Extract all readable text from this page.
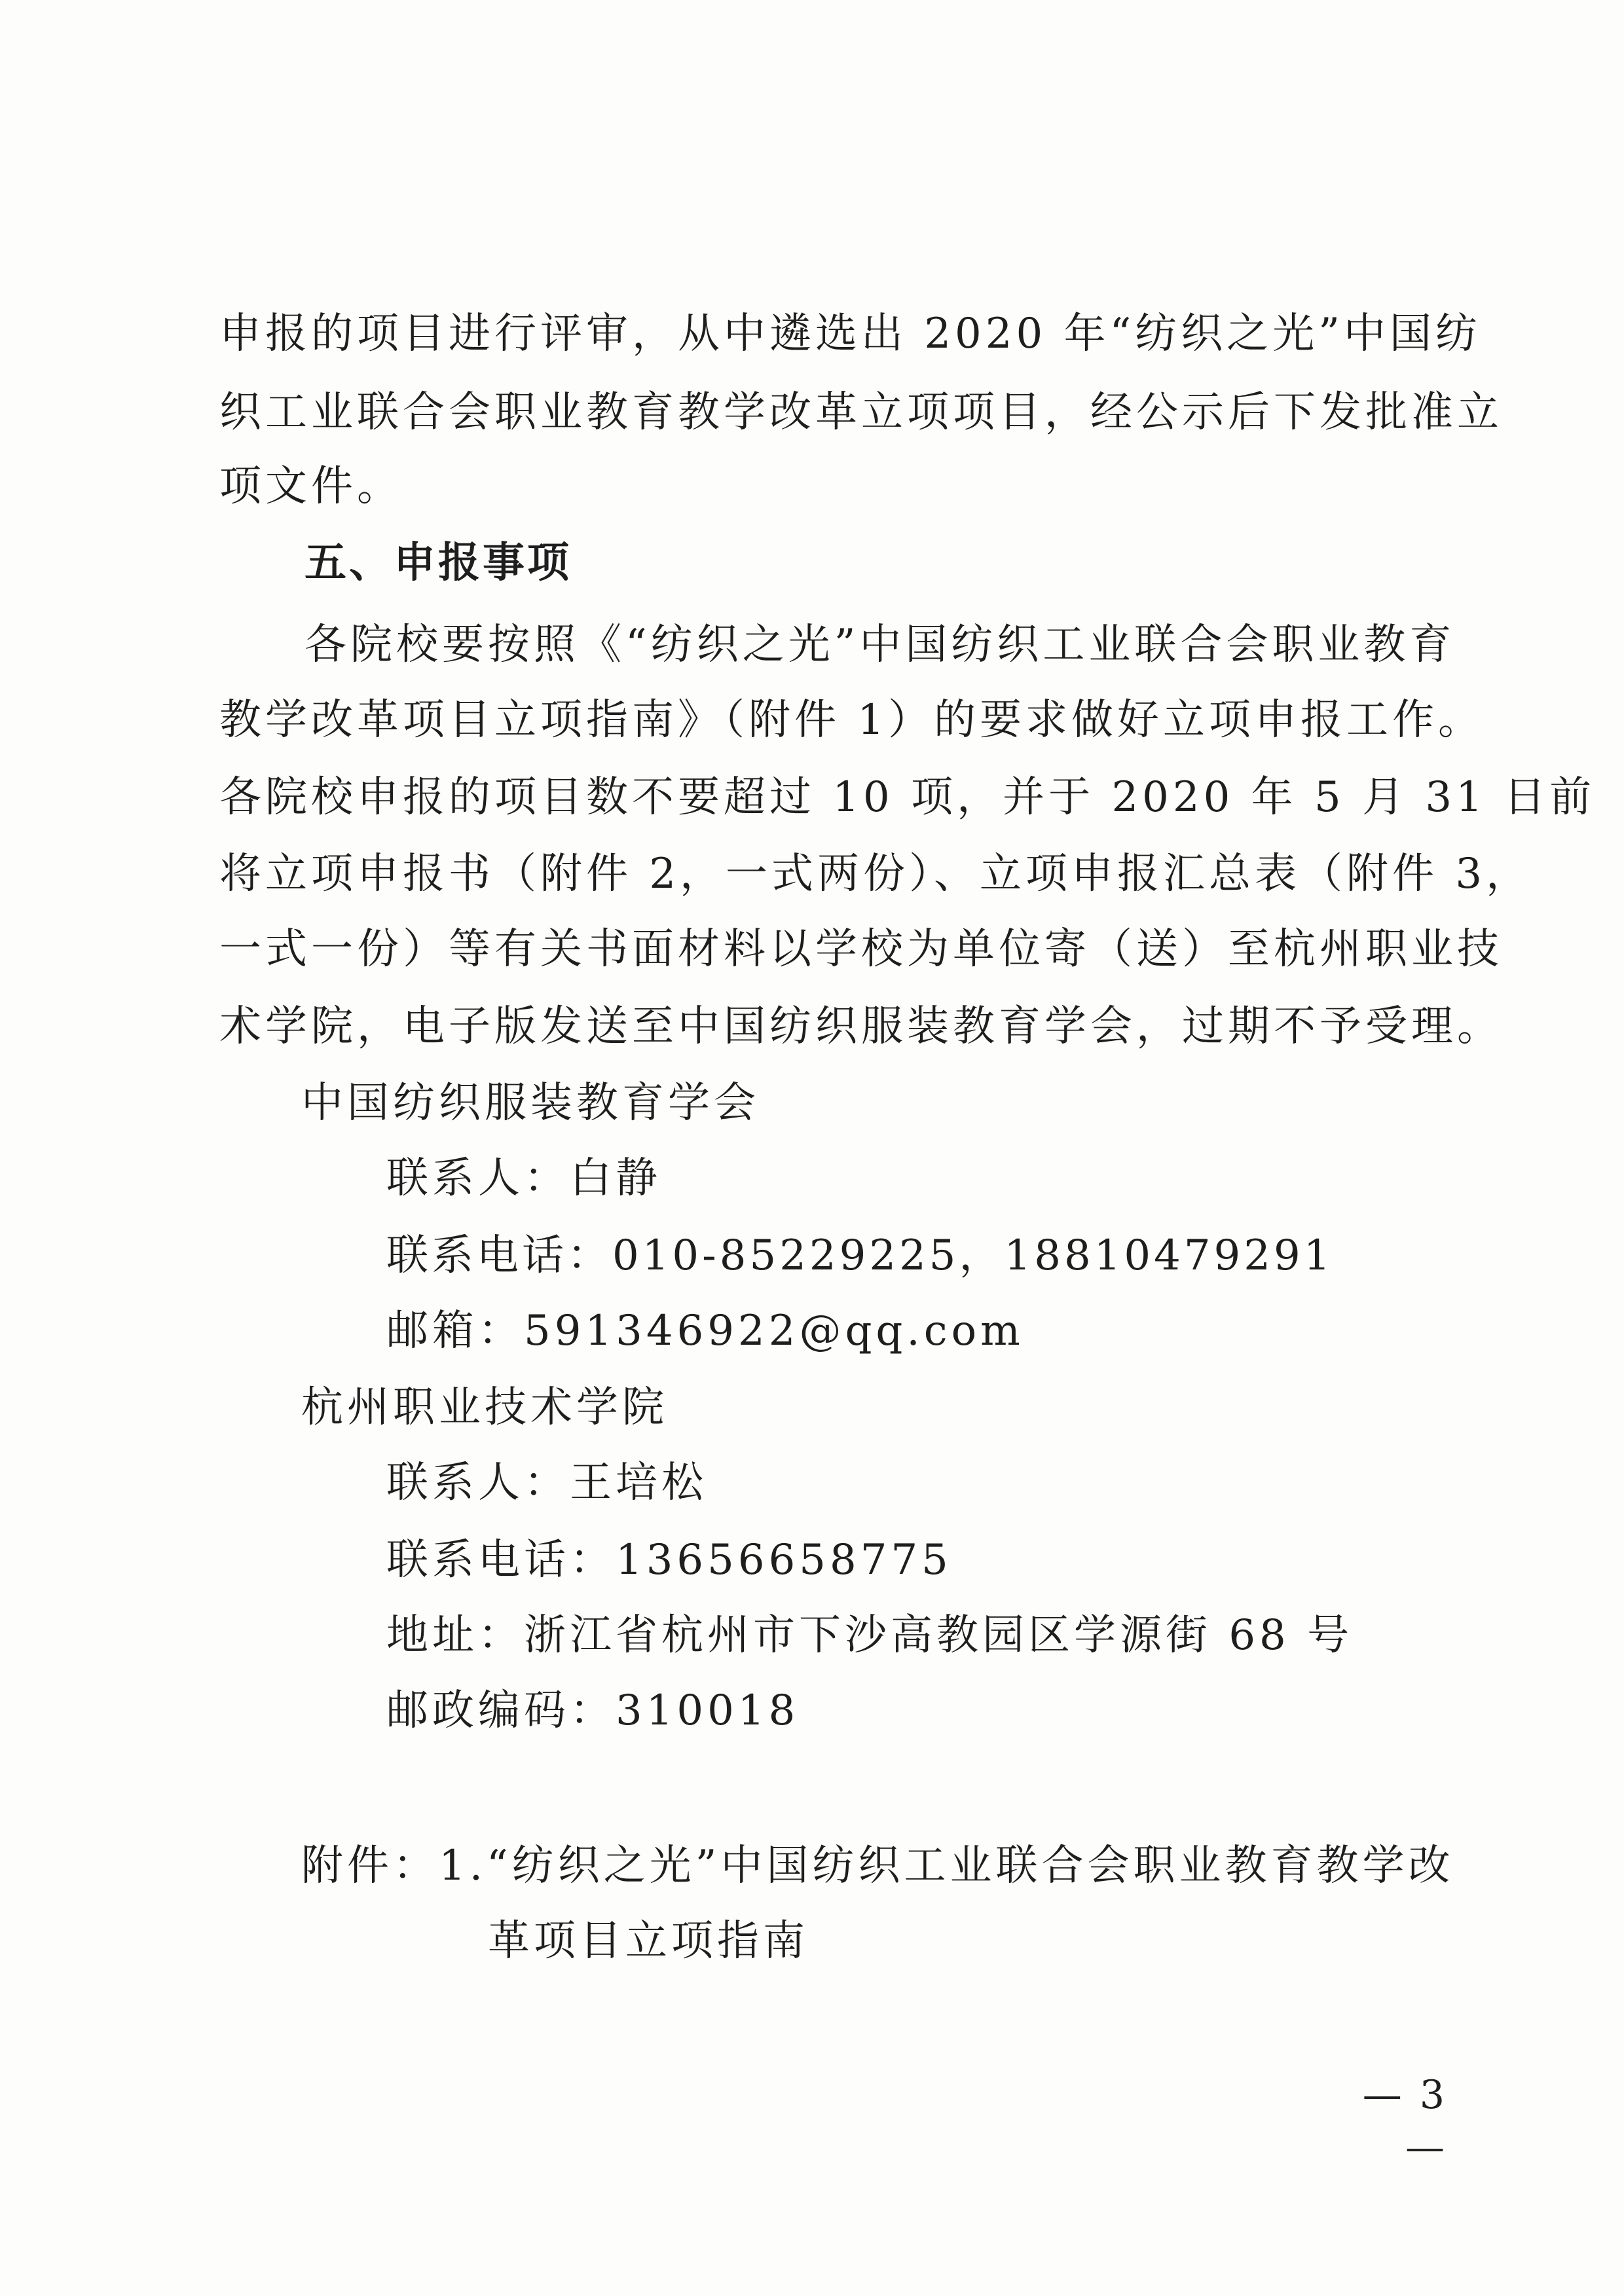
申报的项目进行评审，从中遴选出 2020 年“纺织之光”中国纺
织工业联合会职业教育教学改革立项项目，经公示后下发批准立
项文件。
五、申报事项
各院校要按照《“纺织之光”中国纺织工业联合会职业教育
教学改革项目立项指南》（附件 1）的要求做好立项申报工作。
各院校申报的项目数不要超过 10 项，并于 2020 年 5 月 31 日前
将立项申报书（附件 2，一式两份）、立项申报汇总表（附件 3，
一式一份）等有关书面材料以学校为单位寄（送）至杭州职业技
术学院，电子版发送至中国纺织服装教育学会，过期不予受理。
中国纺织服装教育学会
联系人：白静
联系电话：010-85229225，18810479291
邮箱：591346922@qq.com
杭州职业技术学院
联系人：王培松
联系电话：13656658775
地址：浙江省杭州市下沙高教园区学源街 68 号
邮政编码：310018
附件：1.“纺织之光”中国纺织工业联合会职业教育教学改
革项目立项指南
— 3 —
